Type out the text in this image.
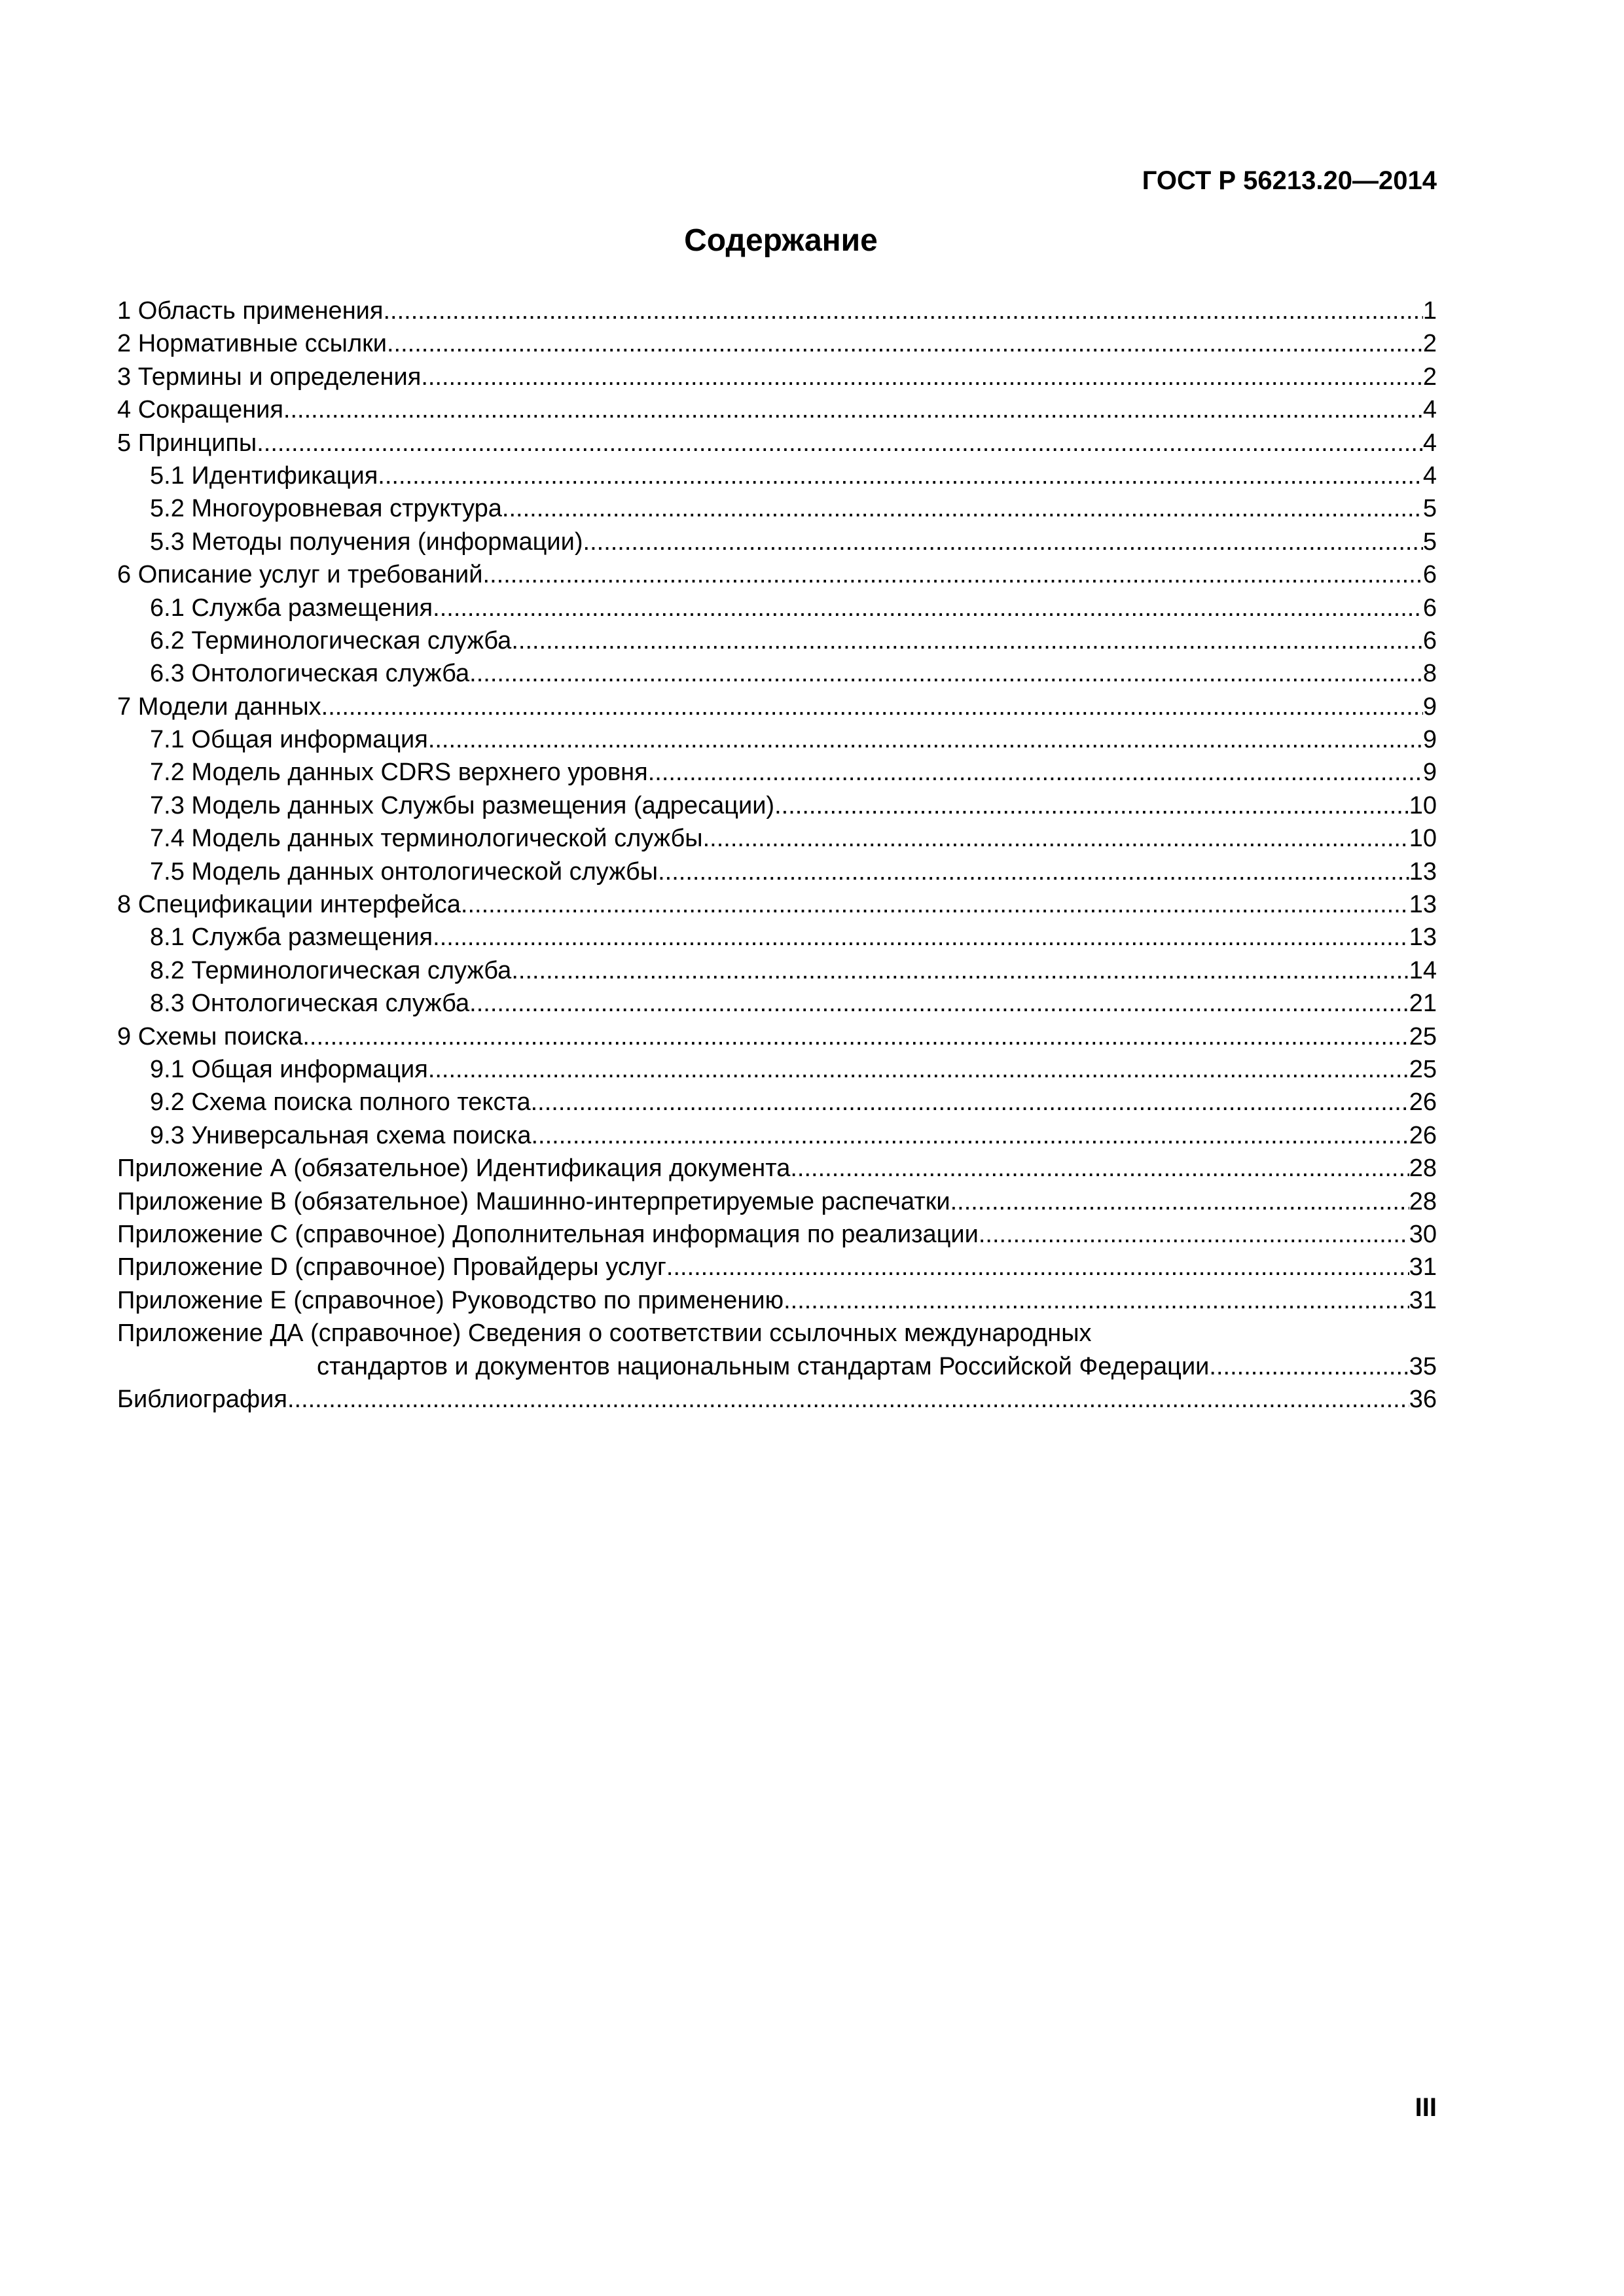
ГОСТ Р 56213.20—2014
Содержание
1 Область применения .....	1
2 Нормативные ссылки .....	2
3 Термины и определения .....	2
4 Сокращения .....	4
5 Принципы .....	4
5.1 Идентификация .....	4
5.2 Многоуровневая структура .....	5
5.3 Методы получения (информации) .....	5
6 Описание услуг и требований .....	6
6.1 Служба размещения .....	6
6.2 Терминологическая служба .....	6
6.3 Онтологическая служба .....	8
7 Модели данных .....	9
7.1 Общая информация .....	9
7.2 Модель данных CDRS верхнего уровня .....	9
7.3 Модель данных Службы размещения (адресации) .....	10
7.4 Модель данных терминологической службы .....	10
7.5 Модель данных онтологической службы .....	13
8 Спецификации интерфейса .....	13
8.1 Служба размещения .....	13
8.2 Терминологическая служба .....	14
8.3 Онтологическая служба .....	21
9 Схемы поиска .....	25
9.1 Общая информация .....	25
9.2 Схема поиска полного текста .....	26
9.3 Универсальная схема поиска .....	26
Приложение А (обязательное) Идентификация документа .....	28
Приложение В (обязательное) Машинно-интерпретируемые распечатки .....	28
Приложение С (справочное) Дополнительная информация по реализации .....	30
Приложение D (справочное) Провайдеры услуг .....	31
Приложение Е (справочное) Руководство по применению .....	31
Приложение ДА (справочное) Сведения о соответствии ссылочных международных
стандартов и документов национальным стандартам Российской Федерации .....	35
Библиография .....	36
III
